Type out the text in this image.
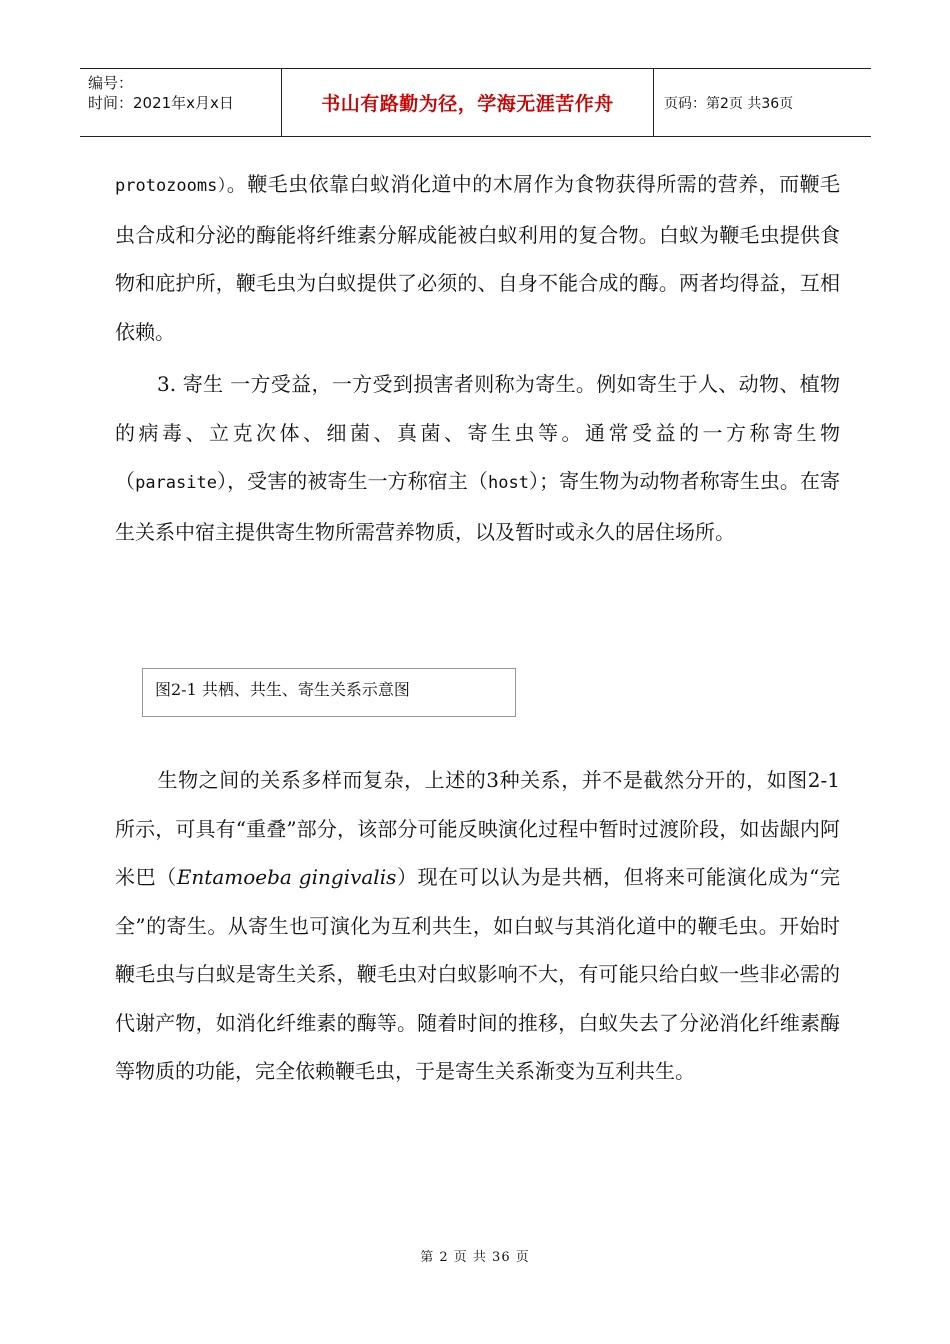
编号：
时间：2021年x月x日	书山有路勤为径，学海无涯苦作舟	页码：第2页 共36页

protozooms）。鞭毛虫依靠白蚁消化道中的木屑作为食物获得所需的营养，而鞭毛虫合成和分泌的酶能将纤维素分解成能被白蚁利用的复合物。白蚁为鞭毛虫提供食物和庇护所，鞭毛虫为白蚁提供了必须的、自身不能合成的酶。两者均得益，互相依赖。

3. 寄生 一方受益，一方受到损害者则称为寄生。例如寄生于人、动物、植物的病毒、立克次体、细菌、真菌、寄生虫等。通常受益的一方称寄生物（parasite），受害的被寄生一方称宿主（host）；寄生物为动物者称寄生虫。在寄生关系中宿主提供寄生物所需营养物质，以及暂时或永久的居住场所。

图2-1 共栖、共生、寄生关系示意图

生物之间的关系多样而复杂，上述的3种关系，并不是截然分开的，如图2-1所示，可具有“重叠”部分，该部分可能反映演化过程中暂时过渡阶段，如齿龈内阿米巴（Entamoeba gingivalis）现在可以认为是共栖，但将来可能演化成为“完全”的寄生。从寄生也可演化为互利共生，如白蚁与其消化道中的鞭毛虫。开始时鞭毛虫与白蚁是寄生关系，鞭毛虫对白蚁影响不大，有可能只给白蚁一些非必需的代谢产物，如消化纤维素的酶等。随着时间的推移，白蚁失去了分泌消化纤维素酶等物质的功能，完全依赖鞭毛虫，于是寄生关系渐变为互利共生。

第 2 页 共 36 页
